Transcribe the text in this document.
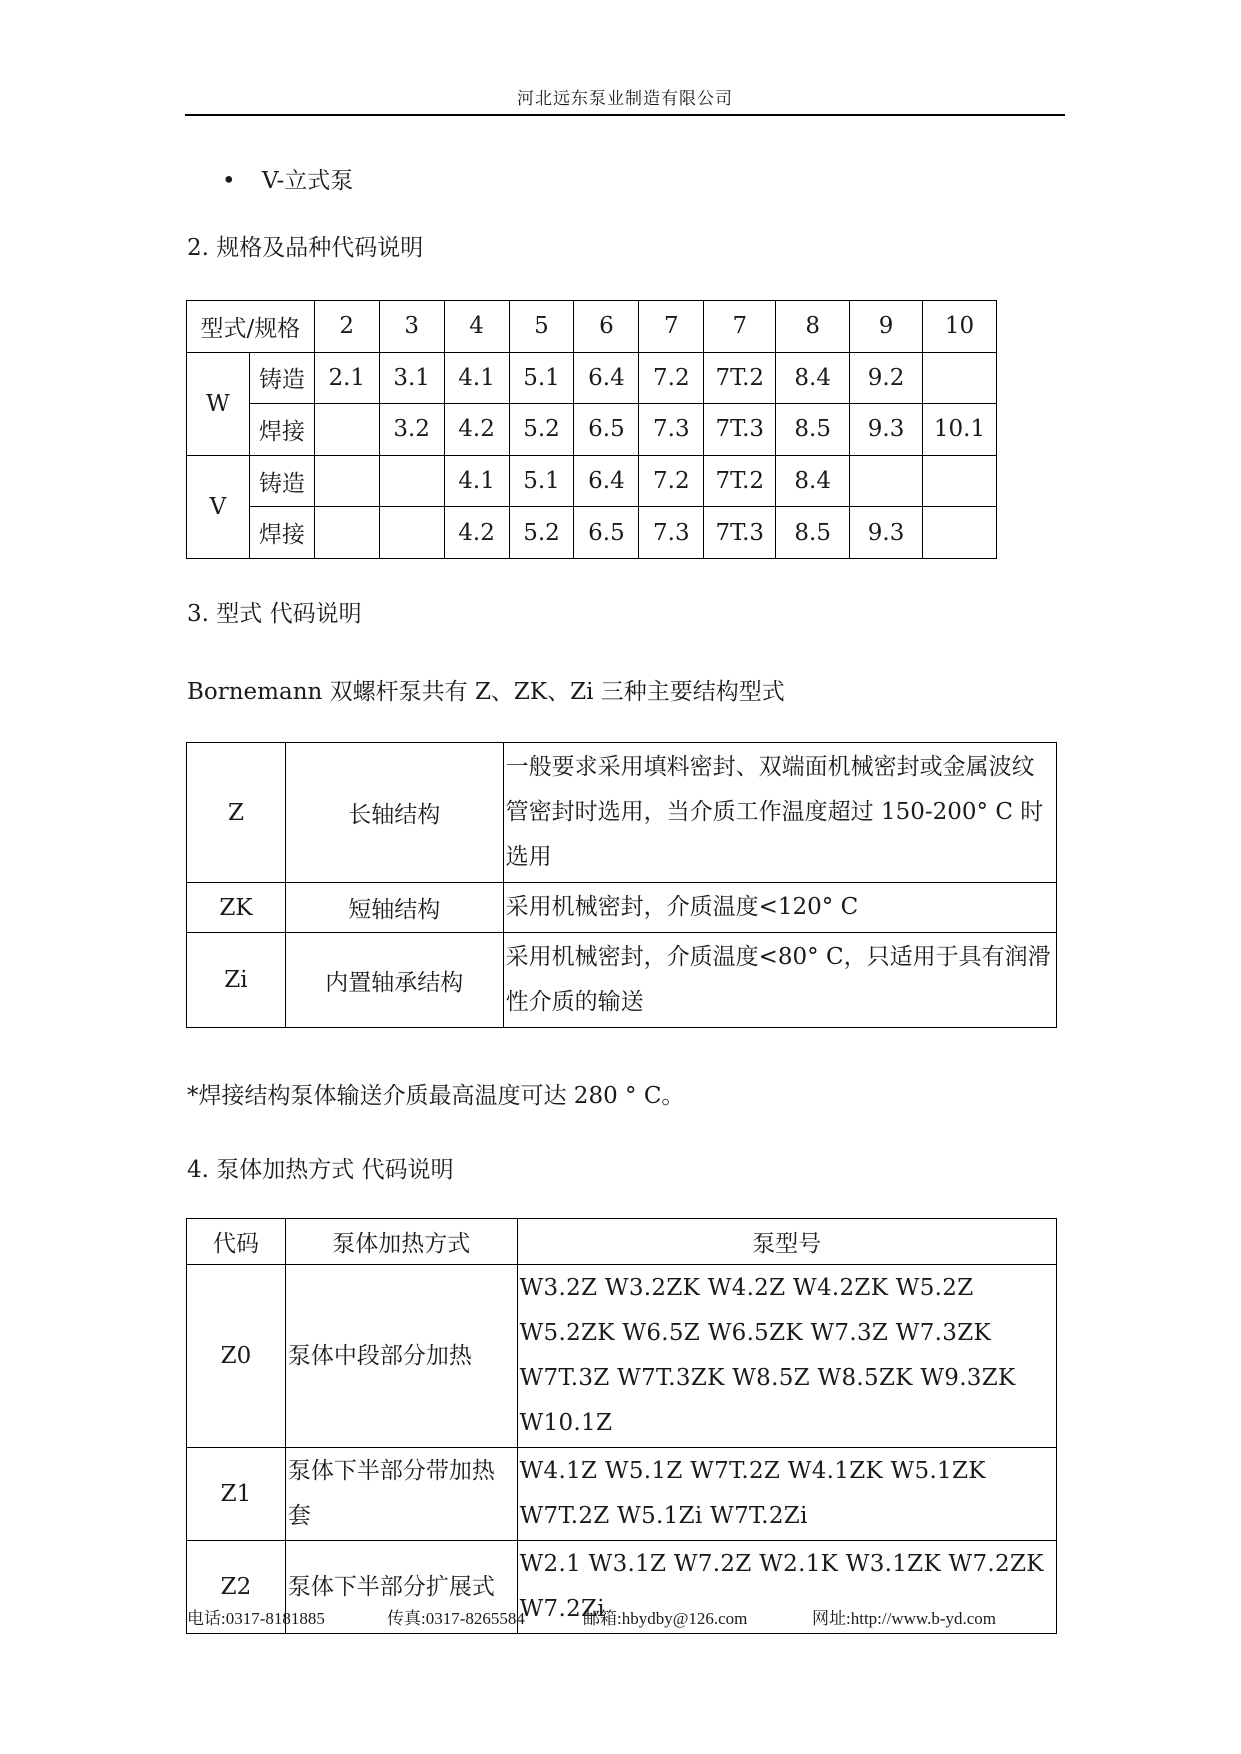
河北远东泵业制造有限公司
• V-立式泵
2. 规格及品种代码说明
型式/规格		2	3	4	5	6	7	7	8	9	10
W	铸造	2.1	3.1	4.1	5.1	6.4	7.2	7T.2	8.4	9.2	
	焊接		3.2	4.2	5.2	6.5	7.3	7T.3	8.5	9.3	10.1
V	铸造			4.1	5.1	6.4	7.2	7T.2	8.4		
	焊接			4.2	5.2	6.5	7.3	7T.3	8.5	9.3	
3. 型式 代码说明
Bornemann 双螺杆泵共有 Z、ZK、Zi 三种主要结构型式
Z	长轴结构	一般要求采用填料密封、双端面机械密封或金属波纹管密封时选用，当介质工作温度超过 150-200° C 时选用
ZK	短轴结构	采用机械密封，介质温度<120° C
Zi	内置轴承结构	采用机械密封，介质温度<80° C，只适用于具有润滑性介质的输送
*焊接结构泵体输送介质最高温度可达 280 ° C。
4. 泵体加热方式 代码说明
代码	泵体加热方式	泵型号
Z0	泵体中段部分加热	W3.2Z W3.2ZK W4.2Z W4.2ZK W5.2Z W5.2ZK W6.5Z W6.5ZK W7.3Z W7.3ZK W7T.3Z W7T.3ZK W8.5Z W8.5ZK W9.3ZK W10.1Z
Z1	泵体下半部分带加热套	W4.1Z W5.1Z W7T.2Z W4.1ZK W5.1ZK W7T.2Z W5.1Zi W7T.2Zi
Z2	泵体下半部分扩展式	W2.1 W3.1Z W7.2Z W2.1K W3.1ZK W7.2ZK W7.2Zi
电话:0317-8181885	传真:0317-8265584	邮箱:hbydby@126.com	网址:http://www.b-yd.com
